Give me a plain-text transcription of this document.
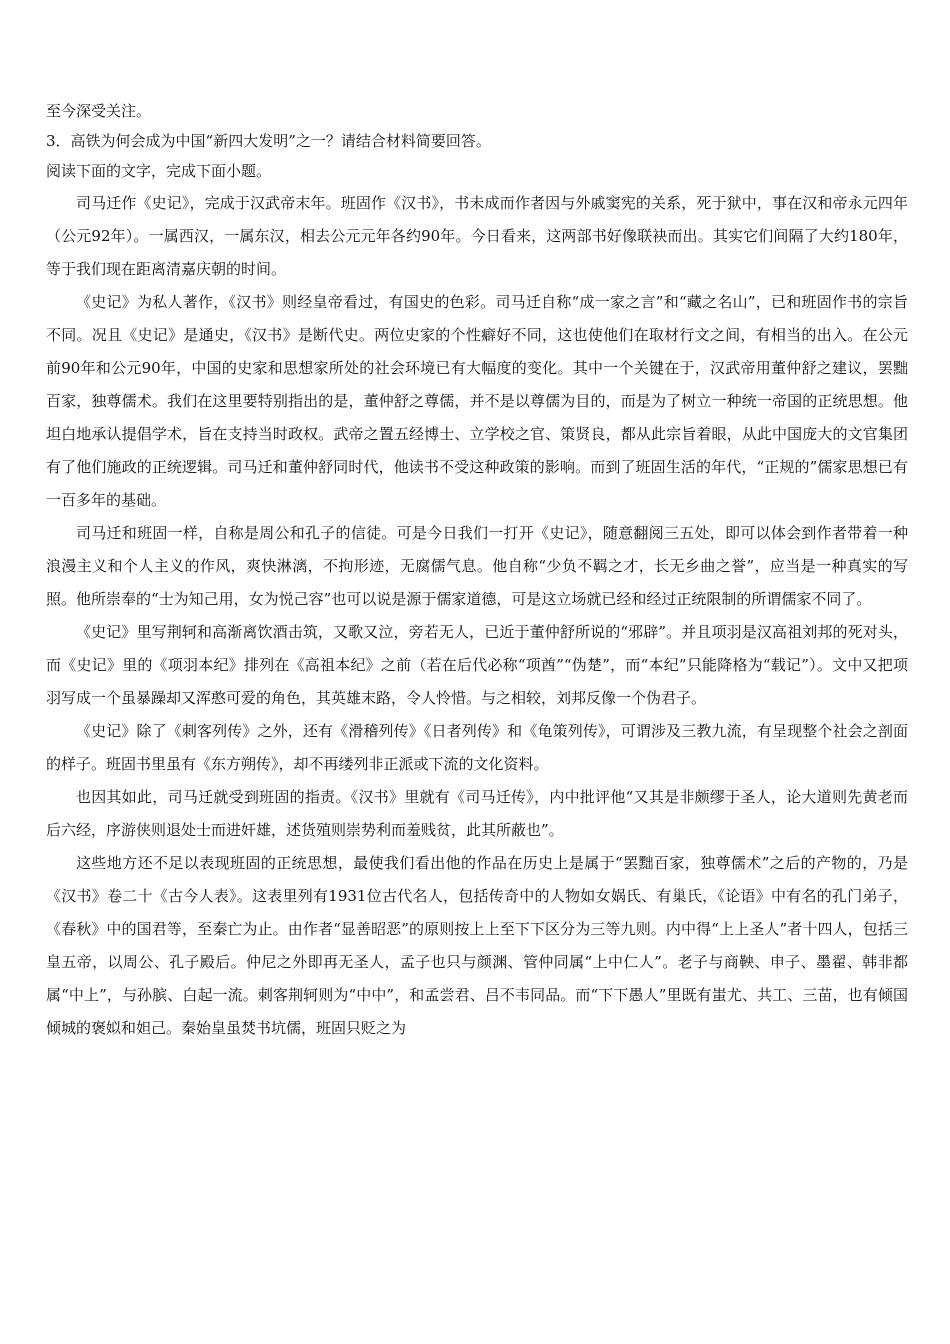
至今深受关注。

3．高铁为何会成为中国“新四大发明”之一？请结合材料简要回答。

阅读下面的文字，完成下面小题。

司马迁作《史记》，完成于汉武帝末年。班固作《汉书》，书未成而作者因与外戚窦宪的关系，死于狱中，事在汉和帝永元四年（公元92年）。一属西汉，一属东汉，相去公元元年各约90年。今日看来，这两部书好像联袂而出。其实它们间隔了大约180年，等于我们现在距离清嘉庆朝的时间。

《史记》为私人著作，《汉书》则经皇帝看过，有国史的色彩。司马迁自称“成一家之言”和“藏之名山”，已和班固作书的宗旨不同。况且《史记》是通史，《汉书》是断代史。两位史家的个性癖好不同，这也使他们在取材行文之间，有相当的出入。在公元前90年和公元90年，中国的史家和思想家所处的社会环境已有大幅度的变化。其中一个关键在于，汉武帝用董仲舒之建议，罢黜百家，独尊儒术。我们在这里要特别指出的是，董仲舒之尊儒，并不是以尊儒为目的，而是为了树立一种统一帝国的正统思想。他坦白地承认提倡学术，旨在支持当时政权。武帝之置五经博士、立学校之官、策贤良，都从此宗旨着眼，从此中国庞大的文官集团有了他们施政的正统逻辑。司马迁和董仲舒同时代，他读书不受这种政策的影响。而到了班固生活的年代，“正规的”儒家思想已有一百多年的基础。

司马迁和班固一样，自称是周公和孔子的信徒。可是今日我们一打开《史记》，随意翻阅三五处，即可以体会到作者带着一种浪漫主义和个人主义的作风，爽快淋漓，不拘形迹，无腐儒气息。他自称“少负不羁之才，长无乡曲之誉”，应当是一种真实的写照。他所崇奉的“士为知己用，女为悦己容”也可以说是源于儒家道德，可是这立场就已经和经过正统限制的所谓儒家不同了。

《史记》里写荆轲和高渐离饮酒击筑，又歌又泣，旁若无人，已近于董仲舒所说的“邪辟”。并且项羽是汉高祖刘邦的死对头，而《史记》里的《项羽本纪》排列在《高祖本纪》之前（若在后代必称“项酋”“伪楚”，而“本纪”只能降格为“载记”）。文中又把项羽写成一个虽暴躁却又浑憨可爱的角色，其英雄末路，令人怜惜。与之相较，刘邦反像一个伪君子。

《史记》除了《刺客列传》之外，还有《滑稽列传》《日者列传》和《龟策列传》，可谓涉及三教九流，有呈现整个社会之剖面的样子。班固书里虽有《东方朔传》，却不再缕列非正派或下流的文化资料。

也因其如此，司马迁就受到班固的指责。《汉书》里就有《司马迁传》，内中批评他“又其是非颇缪于圣人，论大道则先黄老而后六经，序游侠则退处士而进奸雄，述货殖则崇势利而羞贱贫，此其所蔽也”。

这些地方还不足以表现班固的正统思想，最使我们看出他的作品在历史上是属于“罢黜百家，独尊儒术”之后的产物的，乃是《汉书》卷二十《古今人表》。这表里列有1931位古代名人，包括传奇中的人物如女娲氏、有巢氏，《论语》中有名的孔门弟子，《春秋》中的国君等，至秦亡为止。由作者“显善昭恶”的原则按上上至下下区分为三等九则。内中得“上上圣人”者十四人，包括三皇五帝，以周公、孔子殿后。仲尼之外即再无圣人，孟子也只与颜渊、管仲同属“上中仁人”。老子与商鞅、申子、墨翟、韩非都属“中上”，与孙膑、白起一流。刺客荆轲则为“中中”，和孟尝君、吕不韦同品。而“下下愚人”里既有蚩尤、共工、三苗，也有倾国倾城的褒姒和妲己。秦始皇虽焚书坑儒，班固只贬之为
